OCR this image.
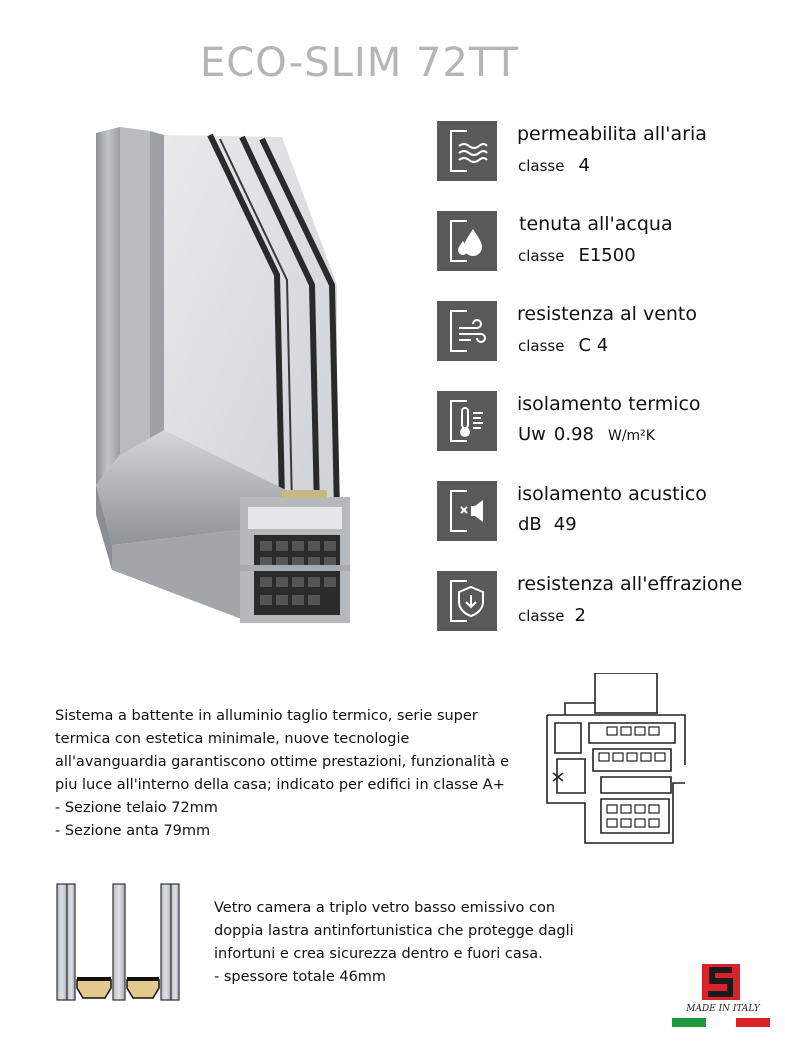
ECO-SLIM 72TT
permeabilita all'aria
classe 4
tenuta all'acqua
classe E1500
resistenza al vento
classe C 4
isolamento termico
Uw 0.98 W/m²K
isolamento acustico
dB 49
resistenza all'effrazione
classe 2
Sistema a battente in alluminio taglio termico, serie super
termica con estetica minimale, nuove tecnologie
all'avanguardia garantiscono ottime prestazioni, funzionalità e
piu luce all'interno della casa; indicato per edifici in classe A+
- Sezione telaio 72mm
- Sezione anta 79mm
Vetro camera a triplo vetro basso emissivo con
doppia lastra antinfortunistica che protegge dagli
infortuni e crea sicurezza dentro e fuori casa.
- spessore totale 46mm
MADE IN ITALY
